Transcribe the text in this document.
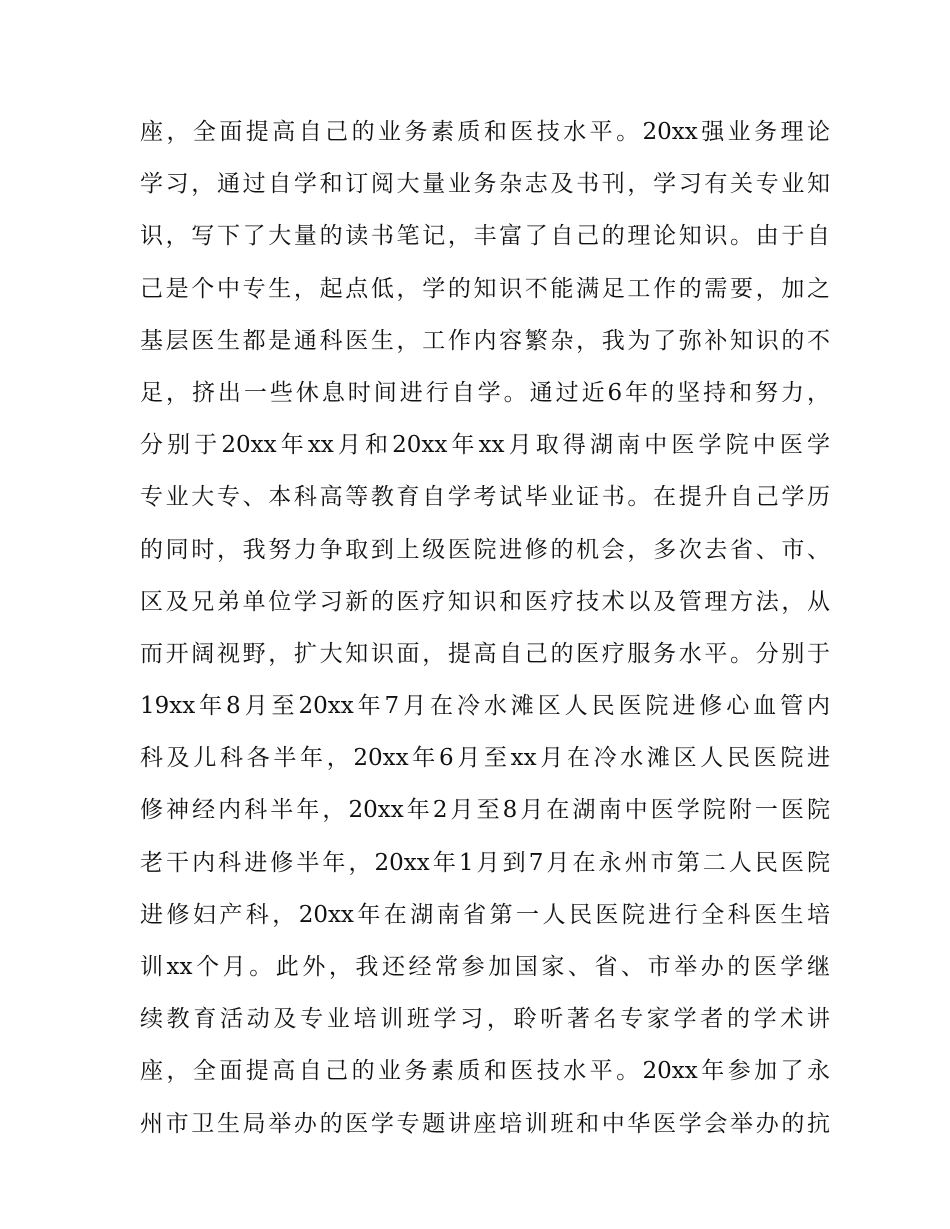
座，全面提高自己的业务素质和医技水平。20xx强业务理论
学习，通过自学和订阅大量业务杂志及书刊，学习有关专业知
识，写下了大量的读书笔记，丰富了自己的理论知识。由于自
己是个中专生，起点低，学的知识不能满足工作的需要，加之
基层医生都是通科医生，工作内容繁杂，我为了弥补知识的不
足，挤出一些休息时间进行自学。通过近6年的坚持和努力，
分别于20xx年xx月和20xx年xx月取得湖南中医学院中医学
专业大专、本科高等教育自学考试毕业证书。在提升自己学历
的同时，我努力争取到上级医院进修的机会，多次去省、市、
区及兄弟单位学习新的医疗知识和医疗技术以及管理方法，从
而开阔视野，扩大知识面，提高自己的医疗服务水平。分别于
19xx年8月至20xx年7月在冷水滩区人民医院进修心血管内
科及儿科各半年，20xx年6月至xx月在冷水滩区人民医院进
修神经内科半年，20xx年2月至8月在湖南中医学院附一医院
老干内科进修半年，20xx年1月到7月在永州市第二人民医院
进修妇产科，20xx年在湖南省第一人民医院进行全科医生培
训xx个月。此外，我还经常参加国家、省、市举办的医学继
续教育活动及专业培训班学习，聆听著名专家学者的学术讲
座，全面提高自己的业务素质和医技水平。20xx年参加了永
州市卫生局举办的医学专题讲座培训班和中华医学会举办的抗
